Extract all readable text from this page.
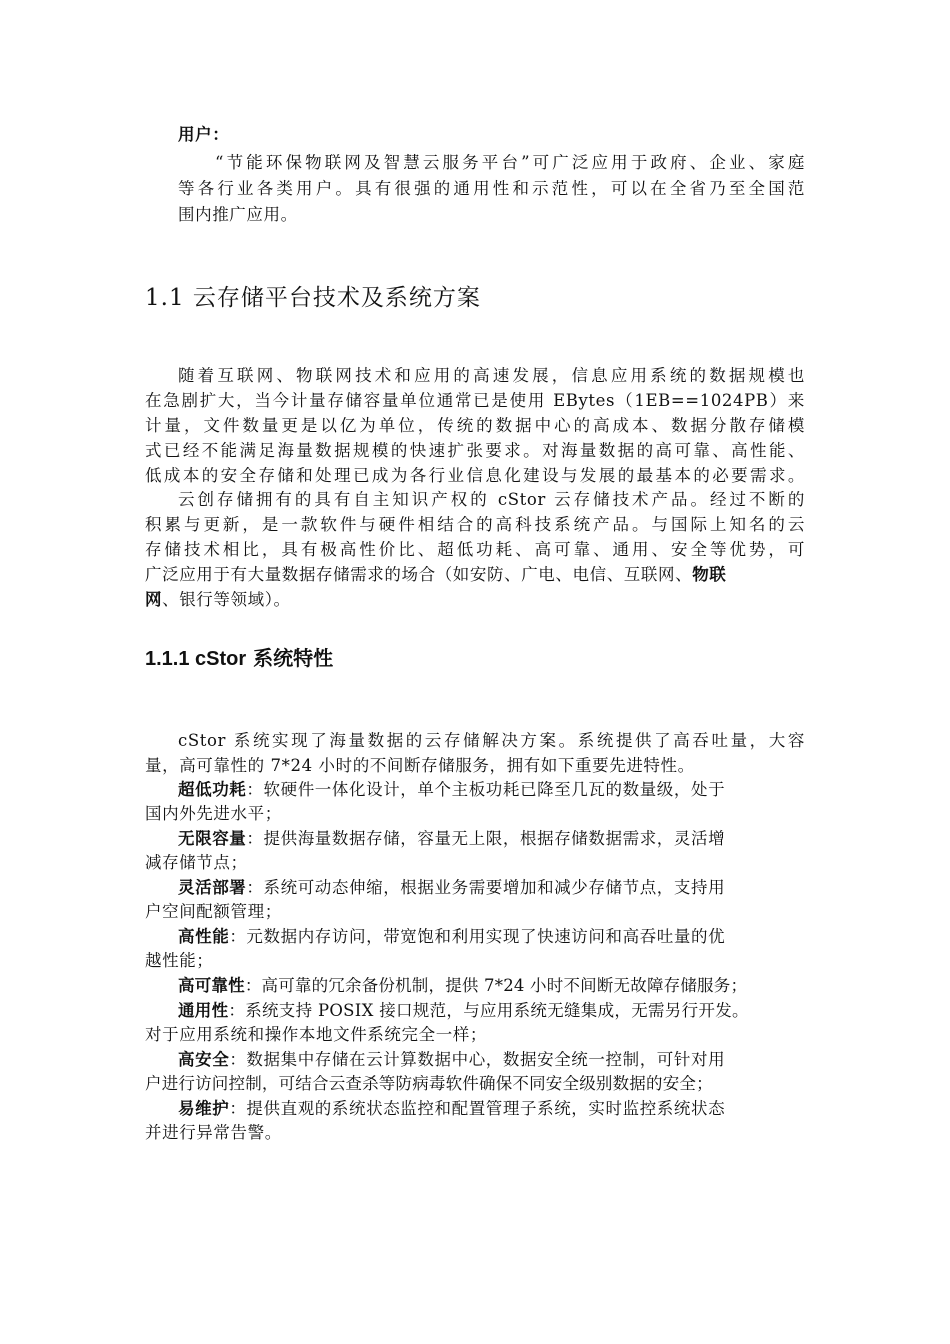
用户：
“节能环保物联网及智慧云服务平台”可广泛应用于政府、企业、家庭
等各行业各类用户。具有很强的通用性和示范性，可以在全省乃至全国范
围内推广应用。
1.1 云存储平台技术及系统方案
随着互联网、物联网技术和应用的高速发展，信息应用系统的数据规模也
在急剧扩大，当今计量存储容量单位通常已是使用 EBytes（1EB==1024PB）来
计量，文件数量更是以亿为单位，传统的数据中心的高成本、数据分散存储模
式已经不能满足海量数据规模的快速扩张要求。对海量数据的高可靠、高性能、
低成本的安全存储和处理已成为各行业信息化建设与发展的最基本的必要需求。
云创存储拥有的具有自主知识产权的 cStor 云存储技术产品。经过不断的
积累与更新，是一款软件与硬件相结合的高科技系统产品。与国际上知名的云
存储技术相比，具有极高性价比、超低功耗、高可靠、通用、安全等优势，可
广泛应用于有大量数据存储需求的场合（如安防、广电、电信、互联网、物联
网、银行等领域）。
1.1.1 cStor 系统特性
cStor 系统实现了海量数据的云存储解决方案。系统提供了高吞吐量，大容
量，高可靠性的 7*24 小时的不间断存储服务，拥有如下重要先进特性。
超低功耗：软硬件一体化设计，单个主板功耗已降至几瓦的数量级，处于
国内外先进水平；
无限容量：提供海量数据存储，容量无上限，根据存储数据需求，灵活增
减存储节点；
灵活部署：系统可动态伸缩，根据业务需要增加和减少存储节点，支持用
户空间配额管理；
高性能：元数据内存访问，带宽饱和利用实现了快速访问和高吞吐量的优
越性能；
高可靠性：高可靠的冗余备份机制，提供 7*24 小时不间断无故障存储服务；
通用性：系统支持 POSIX 接口规范，与应用系统无缝集成，无需另行开发。
对于应用系统和操作本地文件系统完全一样；
高安全：数据集中存储在云计算数据中心，数据安全统一控制，可针对用
户进行访问控制，可结合云查杀等防病毒软件确保不同安全级别数据的安全；
易维护：提供直观的系统状态监控和配置管理子系统，实时监控系统状态
并进行异常告警。
